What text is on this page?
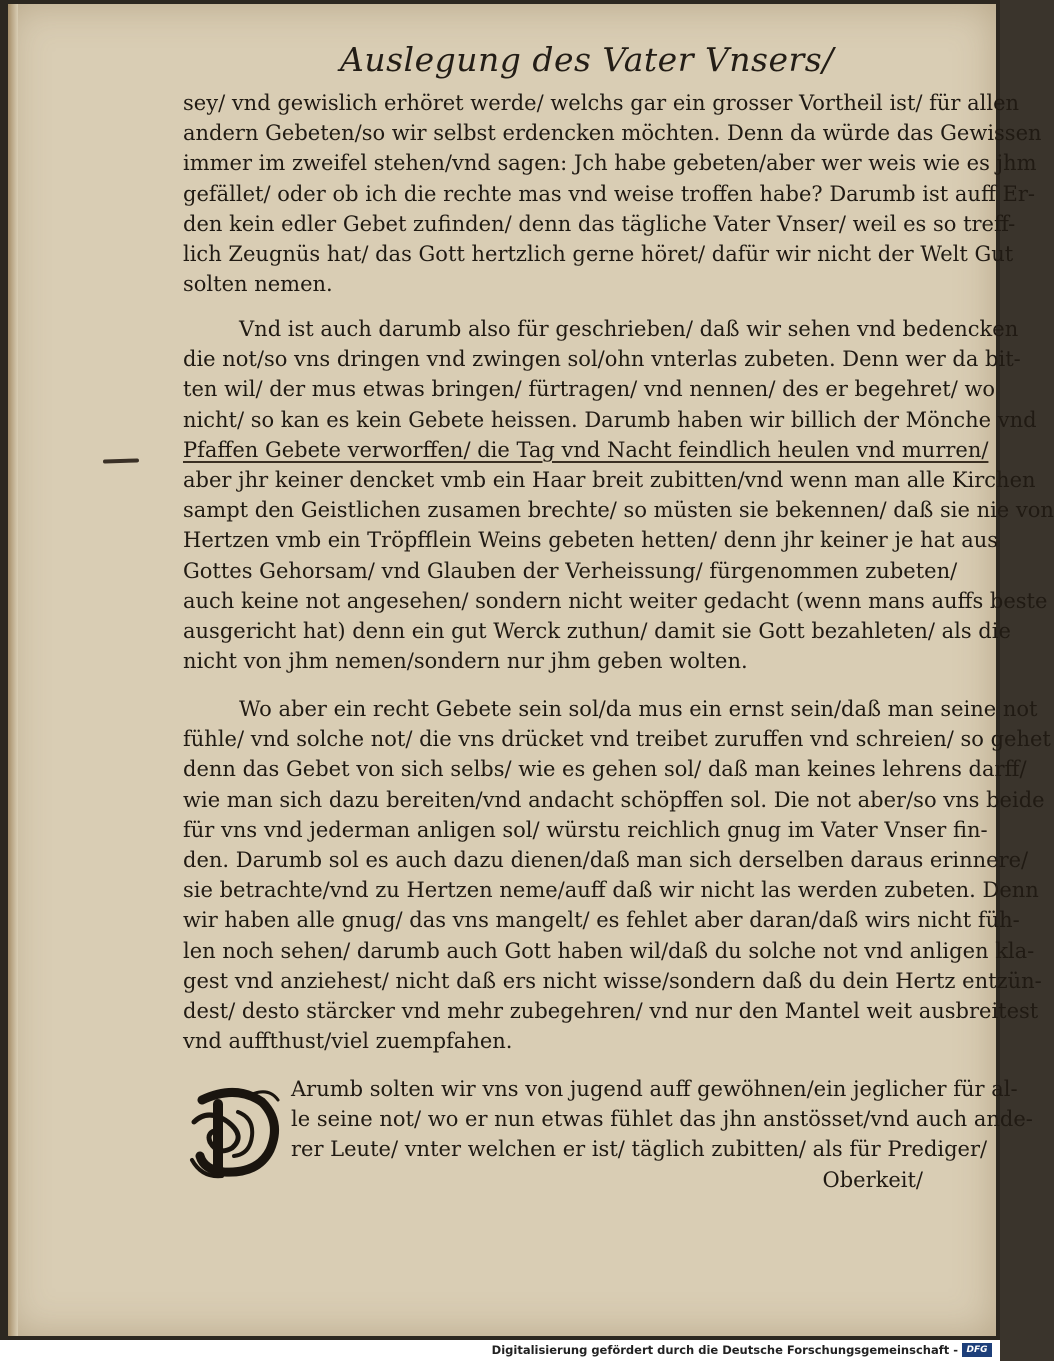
Auslegung des Vater Vnsers/
sey/ vnd gewislich erhöret werde/ welchs gar ein grosser Vortheil ist/ für allen
andern Gebeten/so wir selbst erdencken möchten. Denn da würde das Gewissen
immer im zweifel stehen/vnd sagen: Jch habe gebeten/aber wer weis wie es jhm
gefället/ oder ob ich die rechte mas vnd weise troffen habe? Darumb ist auff Er-
den kein edler Gebet zufinden/ denn das tägliche Vater Vnser/ weil es so treff-
lich Zeugnüs hat/ das Gott hertzlich gerne höret/ dafür wir nicht der Welt Gut
solten nemen.
Vnd ist auch darumb also für geschrieben/ daß wir sehen vnd bedencken
die not/so vns dringen vnd zwingen sol/ohn vnterlas zubeten. Denn wer da bit-
ten wil/ der mus etwas bringen/ fürtragen/ vnd nennen/ des er begehret/ wo
nicht/ so kan es kein Gebete heissen. Darumb haben wir billich der Mönche vnd
Pfaffen Gebete verworffen/ die Tag vnd Nacht feindlich heulen vnd murren/
aber jhr keiner dencket vmb ein Haar breit zubitten/vnd wenn man alle Kirchen
sampt den Geistlichen zusamen brechte/ so müsten sie bekennen/ daß sie nie von
Hertzen vmb ein Tröpfflein Weins gebeten hetten/ denn jhr keiner je hat aus
Gottes Gehorsam/ vnd Glauben der Verheissung/ fürgenommen zubeten/
auch keine not angesehen/ sondern nicht weiter gedacht (wenn mans auffs beste
ausgericht hat) denn ein gut Werck zuthun/ damit sie Gott bezahleten/ als die
nicht von jhm nemen/sondern nur jhm geben wolten.
Wo aber ein recht Gebete sein sol/da mus ein ernst sein/daß man seine not
fühle/ vnd solche not/ die vns drücket vnd treibet zuruffen vnd schreien/ so gehet
denn das Gebet von sich selbs/ wie es gehen sol/ daß man keines lehrens darff/
wie man sich dazu bereiten/vnd andacht schöpffen sol. Die not aber/so vns beide
für vns vnd jederman anligen sol/ würstu reichlich gnug im Vater Vnser fin-
den. Darumb sol es auch dazu dienen/daß man sich derselben daraus erinnere/
sie betrachte/vnd zu Hertzen neme/auff daß wir nicht las werden zubeten. Denn
wir haben alle gnug/ das vns mangelt/ es fehlet aber daran/daß wirs nicht füh-
len noch sehen/ darumb auch Gott haben wil/daß du solche not vnd anligen kla-
gest vnd anziehest/ nicht daß ers nicht wisse/sondern daß du dein Hertz entzün-
dest/ desto stärcker vnd mehr zubegehren/ vnd nur den Mantel weit ausbreitest
vnd auffthust/viel zuempfahen.
Arumb solten wir vns von jugend auff gewöhnen/ein jeglicher für al-
le seine not/ wo er nun etwas fühlet das jhn anstösset/vnd auch ande-
rer Leute/ vnter welchen er ist/ täglich zubitten/ als für Prediger/
Oberkeit/
Digitalisierung gefördert durch die Deutsche Forschungsgemeinschaft - DFG
